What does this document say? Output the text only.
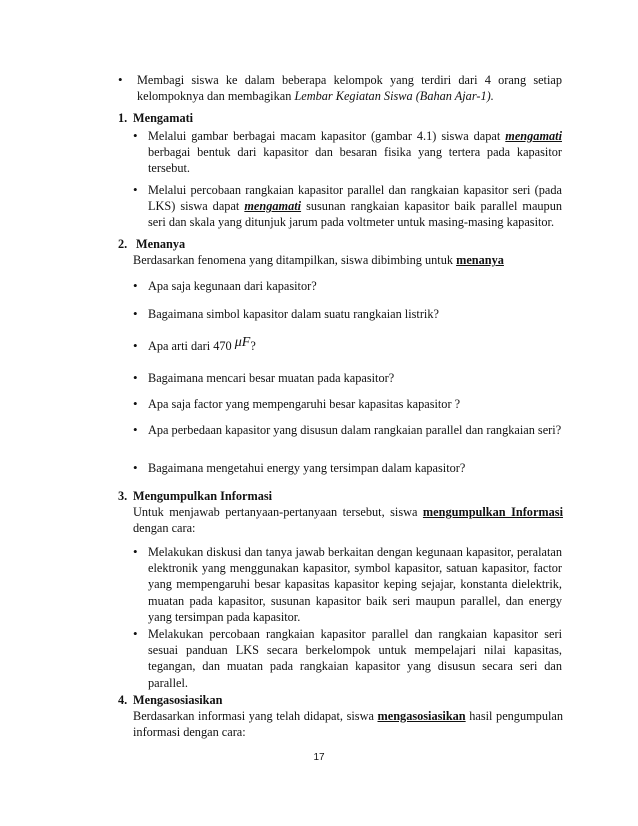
• Membagi siswa ke dalam beberapa kelompok yang terdiri dari 4 orang setiap kelompoknya dan membagikan Lembar Kegiatan Siswa (Bahan Ajar-1).
1. Mengamati
• Melalui gambar berbagai macam kapasitor (gambar 4.1) siswa dapat mengamati berbagai bentuk dari kapasitor dan besaran fisika yang tertera pada kapasitor tersebut.
• Melalui percobaan rangkaian kapasitor parallel dan rangkaian kapasitor seri (pada LKS) siswa dapat mengamati susunan rangkaian kapasitor baik parallel maupun seri dan skala yang ditunjuk jarum pada voltmeter untuk masing-masing kapasitor.
2. Menanya
Berdasarkan fenomena yang ditampilkan, siswa dibimbing untuk menanya
• Apa saja kegunaan dari kapasitor?
• Bagaimana simbol kapasitor dalam suatu rangkaian listrik?
• Apa arti dari 470 μF?
• Bagaimana mencari besar muatan pada kapasitor?
• Apa saja factor yang mempengaruhi besar kapasitas kapasitor ?
• Apa perbedaan kapasitor yang disusun dalam rangkaian parallel dan rangkaian seri?
• Bagaimana mengetahui energy yang tersimpan dalam kapasitor?
3. Mengumpulkan Informasi
Untuk menjawab pertanyaan-pertanyaan tersebut, siswa mengumpulkan Informasi dengan cara:
• Melakukan diskusi dan tanya jawab berkaitan dengan kegunaan kapasitor, peralatan elektronik yang menggunakan kapasitor, symbol kapasitor, satuan kapasitor, factor yang mempengaruhi besar kapasitas kapasitor keping sejajar, konstanta dielektrik, muatan pada kapasitor, susunan kapasitor baik seri maupun parallel, dan energy yang tersimpan pada kapasitor.
• Melakukan percobaan rangkaian kapasitor parallel dan rangkaian kapasitor seri sesuai panduan LKS secara berkelompok untuk mempelajari nilai kapasitas, tegangan, dan muatan pada rangkaian kapasitor yang disusun secara seri dan parallel.
4. Mengasosiasikan
Berdasarkan informasi yang telah didapat, siswa mengasosiasikan hasil pengumpulan informasi dengan cara:
17
